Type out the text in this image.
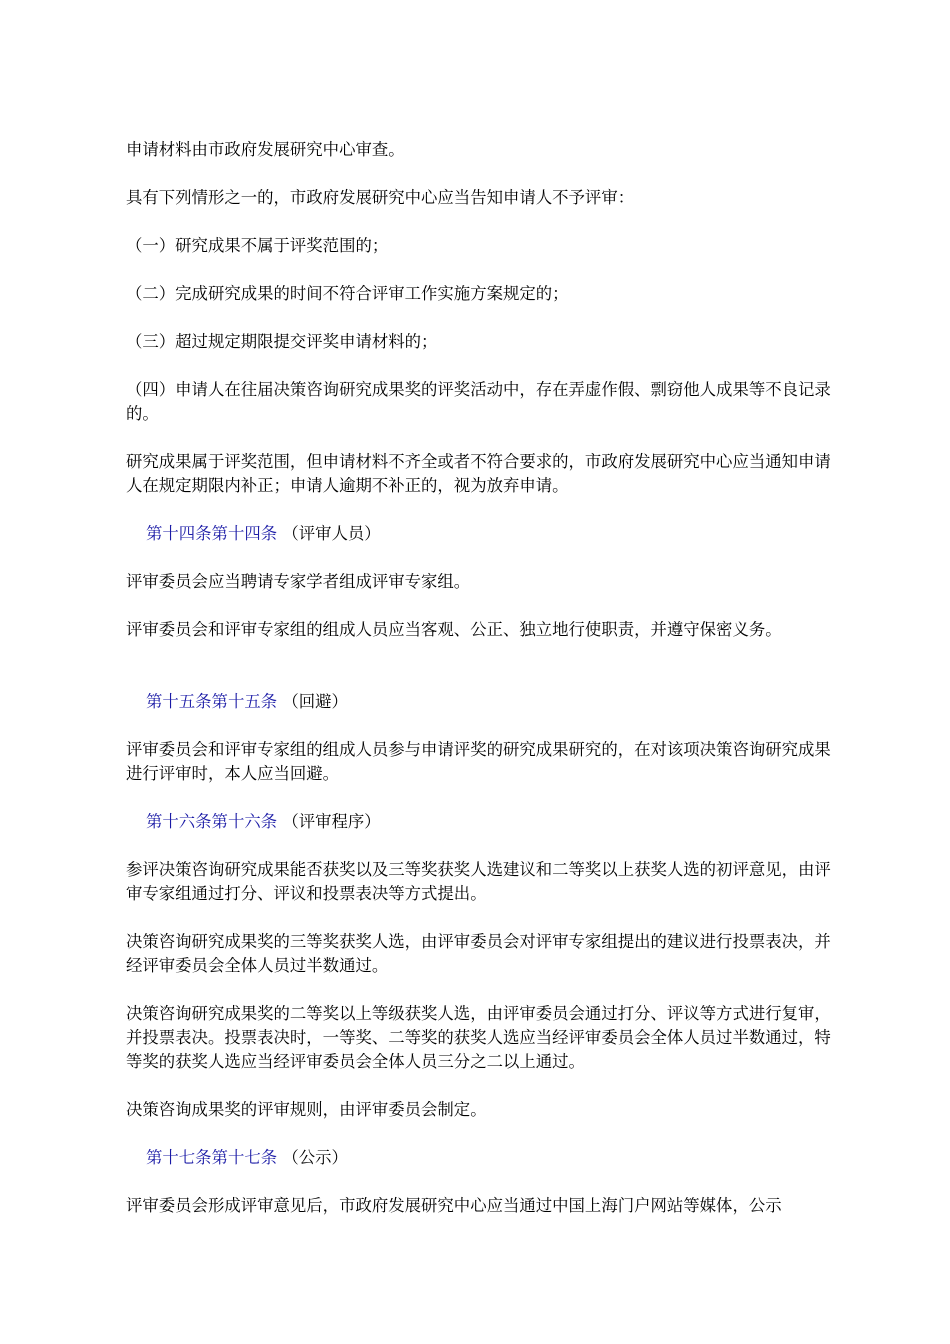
申请材料由市政府发展研究中心审查。
具有下列情形之一的，市政府发展研究中心应当告知申请人不予评审：
（一）研究成果不属于评奖范围的；
（二）完成研究成果的时间不符合评审工作实施方案规定的；
（三）超过规定期限提交评奖申请材料的；
（四）申请人在往届决策咨询研究成果奖的评奖活动中，存在弄虚作假、剽窃他人成果等不良记录的。
研究成果属于评奖范围，但申请材料不齐全或者不符合要求的，市政府发展研究中心应当通知申请人在规定期限内补正；申请人逾期不补正的，视为放弃申请。
第十四条第十四条 （评审人员）
评审委员会应当聘请专家学者组成评审专家组。
评审委员会和评审专家组的组成人员应当客观、公正、独立地行使职责，并遵守保密义务。
第十五条第十五条 （回避）
评审委员会和评审专家组的组成人员参与申请评奖的研究成果研究的，在对该项决策咨询研究成果进行评审时，本人应当回避。
第十六条第十六条 （评审程序）
参评决策咨询研究成果能否获奖以及三等奖获奖人选建议和二等奖以上获奖人选的初评意见，由评审专家组通过打分、评议和投票表决等方式提出。
决策咨询研究成果奖的三等奖获奖人选，由评审委员会对评审专家组提出的建议进行投票表决，并经评审委员会全体人员过半数通过。
决策咨询研究成果奖的二等奖以上等级获奖人选，由评审委员会通过打分、评议等方式进行复审，并投票表决。投票表决时，一等奖、二等奖的获奖人选应当经评审委员会全体人员过半数通过，特等奖的获奖人选应当经评审委员会全体人员三分之二以上通过。
决策咨询成果奖的评审规则，由评审委员会制定。
第十七条第十七条 （公示）
评审委员会形成评审意见后，市政府发展研究中心应当通过中国上海门户网站等媒体，公示
